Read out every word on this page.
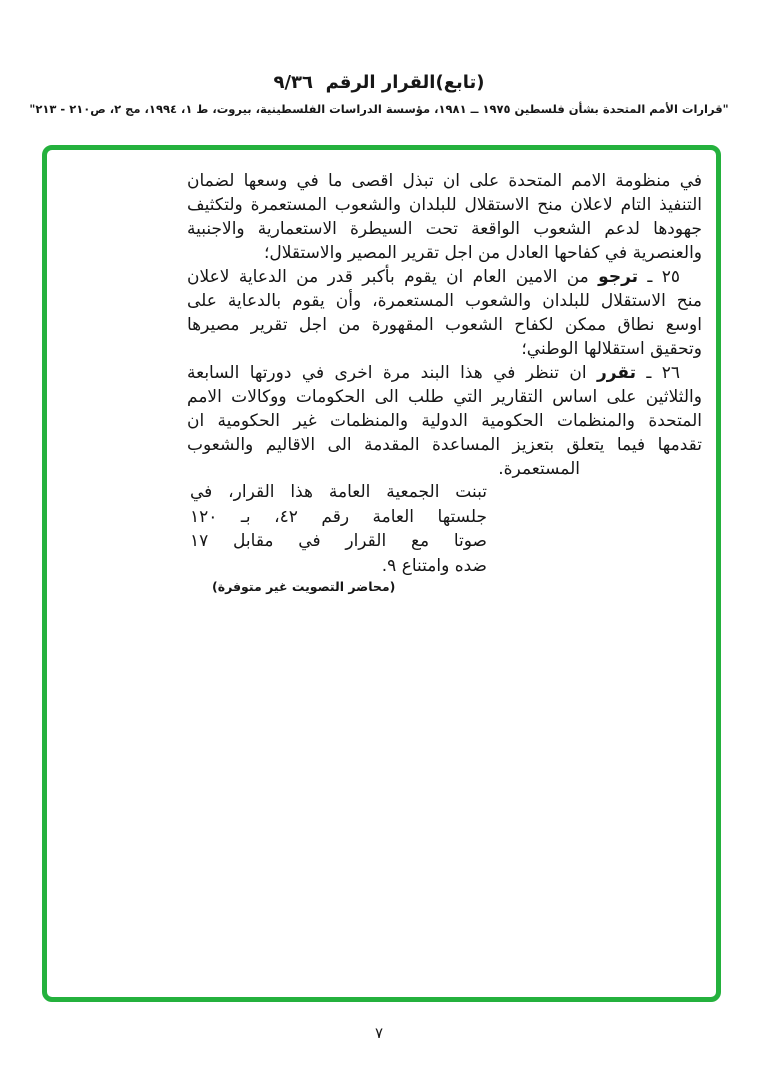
(تابع)القرار الرقم  ٩/٣٦
"قرارات الأمم المتحدة بشأن فلسطين ١٩٧٥ ــ ١٩٨١، مؤسسة الدراسات الفلسطينية، بيروت، ط ١، ١٩٩٤، مج ٢، ص٢١٠ - ٢١٣"
في منظومة الامم المتحدة على ان تبذل اقصى ما في وسعها لضمان
التنفيذ التام لاعلان منح الاستقلال للبلدان والشعوب المستعمرة ولتكثيف
جهودها لدعم الشعوب الواقعة تحت السيطرة الاستعمارية والاجنبية
والعنصرية في كفاحها العادل من اجل تقرير المصير والاستقلال؛
٢٥ ـ ترجو من الامين العام ان يقوم بأكبر قدر من الدعاية لاعلان
منح الاستقلال للبلدان والشعوب المستعمرة، وأن يقوم بالدعاية على
اوسع نطاق ممكن لكفاح الشعوب المقهورة من اجل تقرير مصيرها
وتحقيق استقلالها الوطني؛
٢٦ ـ تقرر ان تنظر في هذا البند مرة اخرى في دورتها السابعة
والثلاثين على اساس التقارير التي طلب الى الحكومات ووكالات الامم
المتحدة والمنظمات الحكومية الدولية والمنظمات غير الحكومية ان
تقدمها فيما يتعلق بتعزيز المساعدة المقدمة الى الاقاليم والشعوب
المستعمرة.
تبنت الجمعية العامة هذا القرار، في
جلستها العامة رقم ٤٢، بـ ١٢٠
صوتا مع القرار في مقابل ١٧
ضده وامتناع ٩.
(محاضر التصويت غير متوفرة)
٧
